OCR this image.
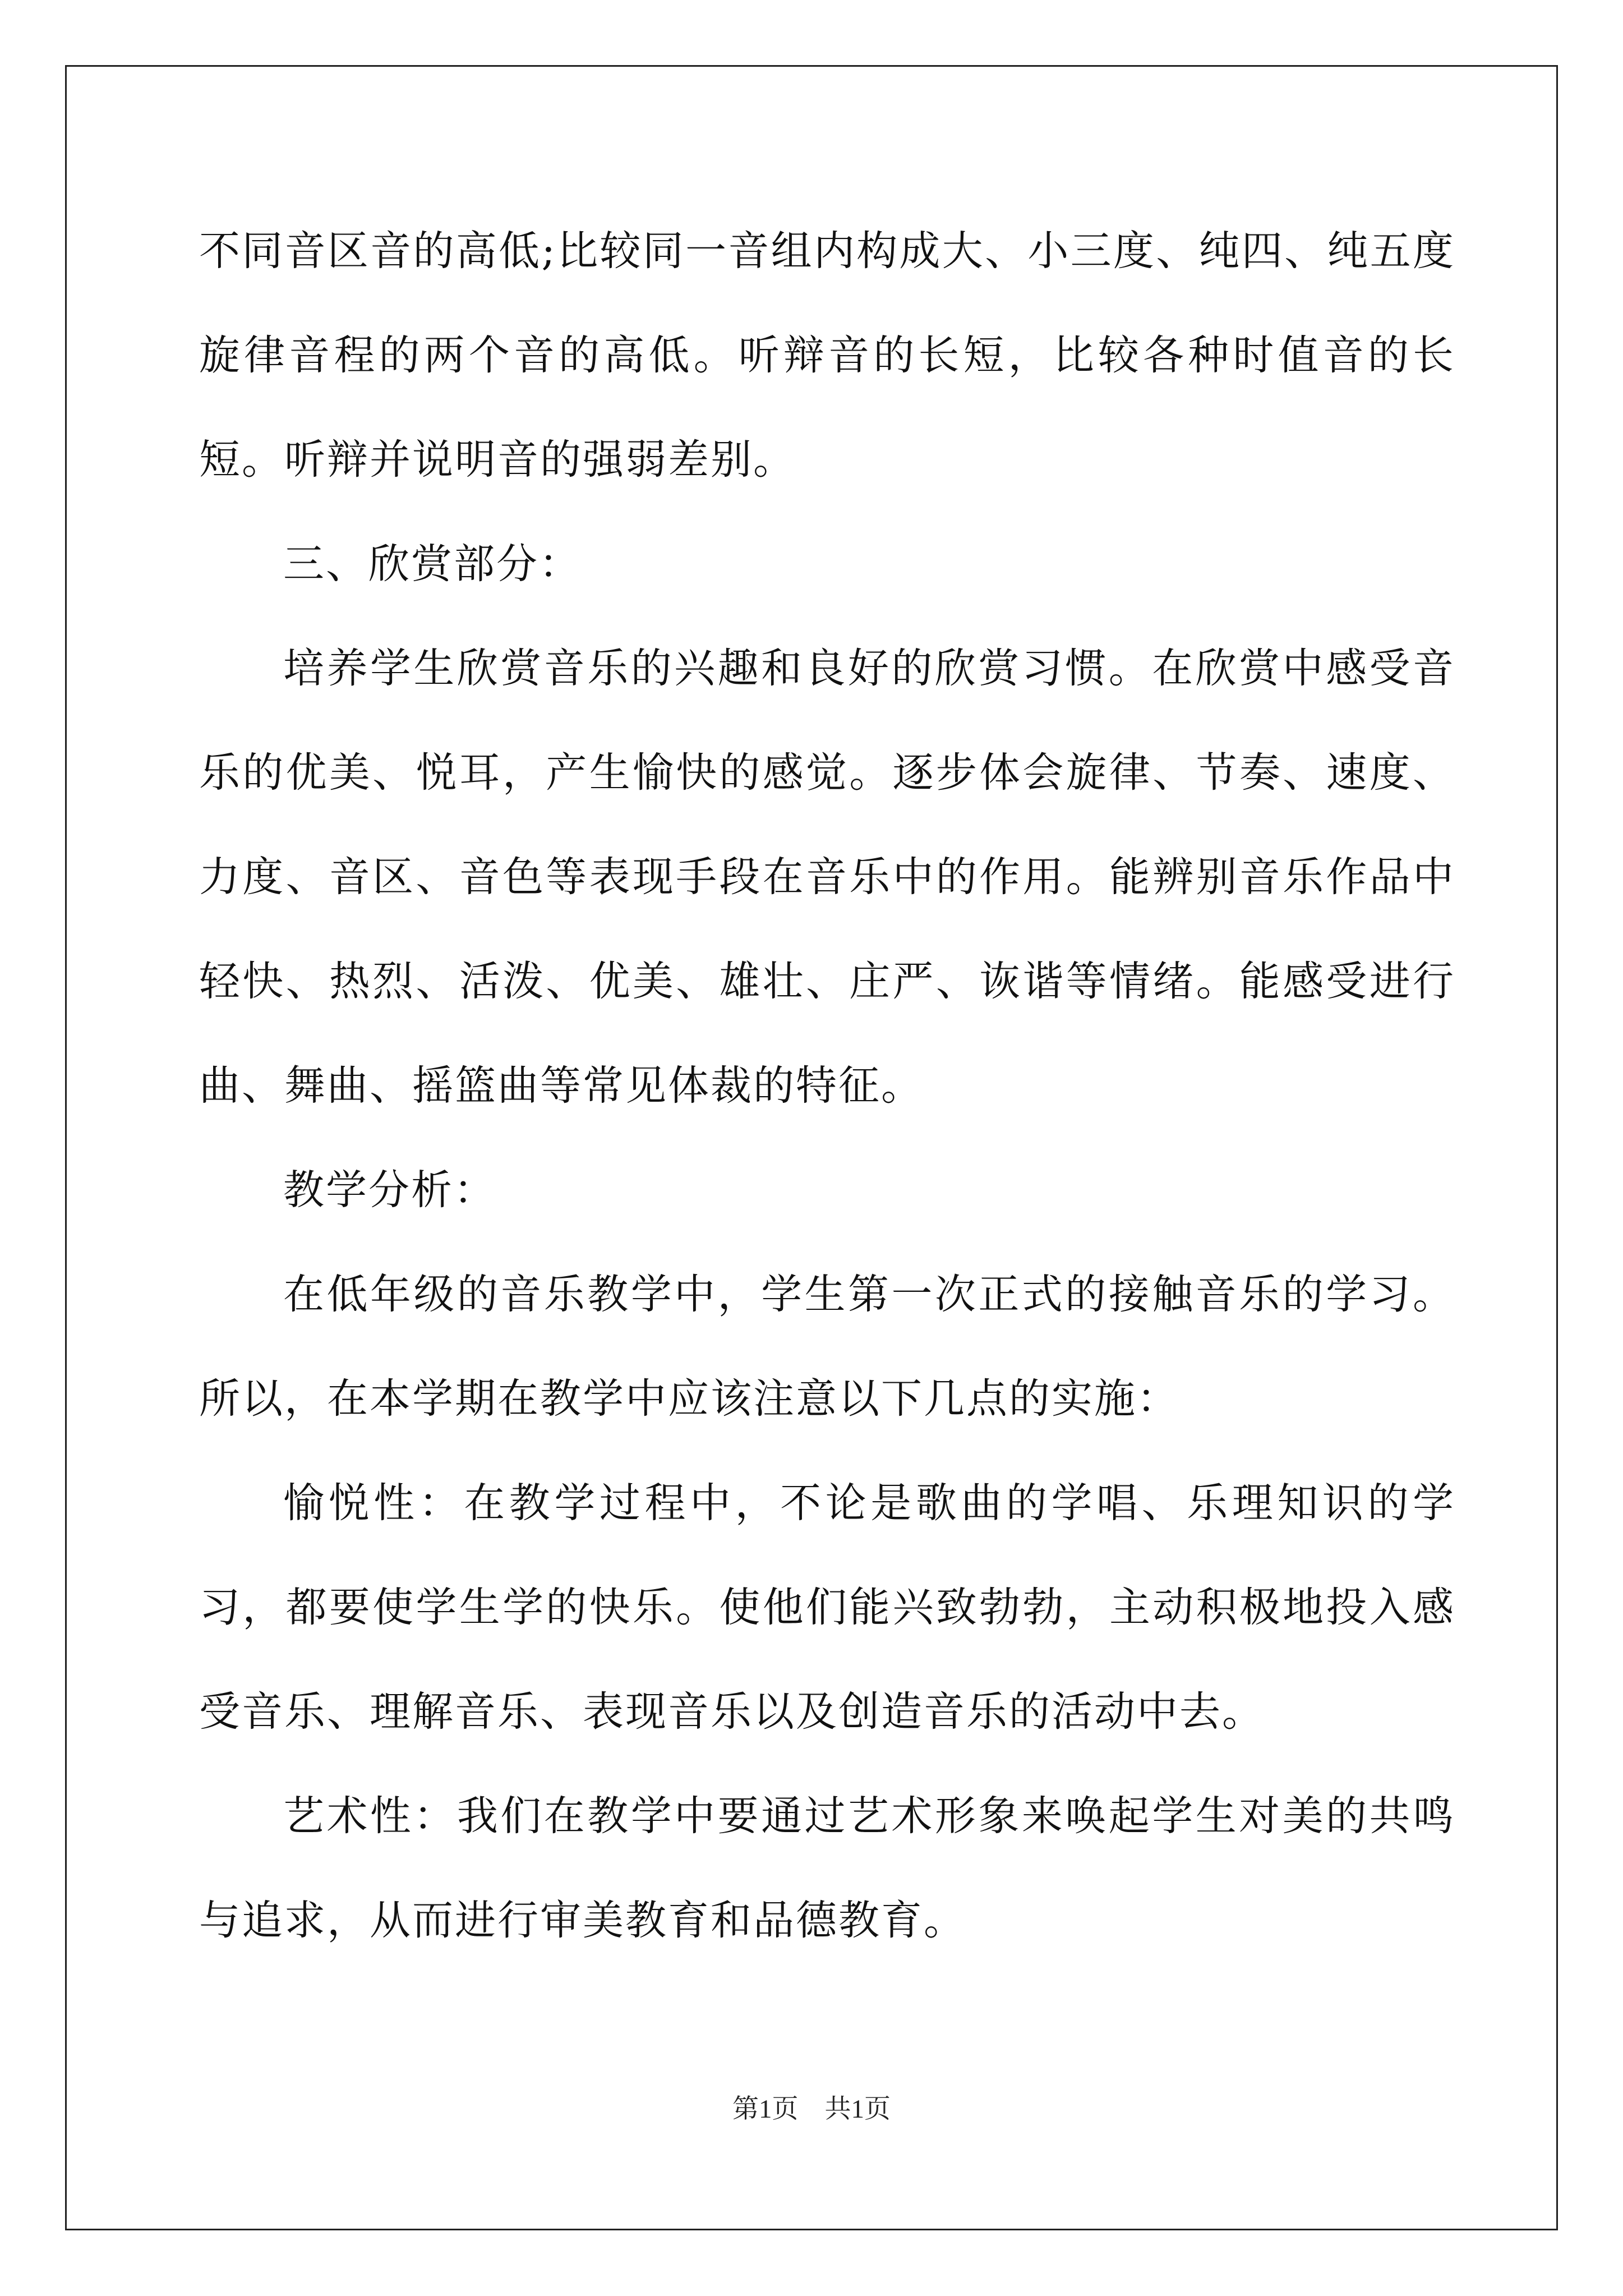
不同音区音的高低;比较同一音组内构成大、小三度、纯四、纯五度旋律音程的两个音的高低。听辩音的长短，比较各种时值音的长短。听辩并说明音的强弱差别。

三、欣赏部分：

培养学生欣赏音乐的兴趣和良好的欣赏习惯。在欣赏中感受音乐的优美、悦耳，产生愉快的感觉。逐步体会旋律、节奏、速度、力度、音区、音色等表现手段在音乐中的作用。能辨别音乐作品中轻快、热烈、活泼、优美、雄壮、庄严、诙谐等情绪。能感受进行曲、舞曲、摇篮曲等常见体裁的特征。

教学分析：

在低年级的音乐教学中，学生第一次正式的接触音乐的学习。所以，在本学期在教学中应该注意以下几点的实施：

愉悦性：在教学过程中，不论是歌曲的学唱、乐理知识的学习，都要使学生学的快乐。使他们能兴致勃勃，主动积极地投入感受音乐、理解音乐、表现音乐以及创造音乐的活动中去。

艺术性：我们在教学中要通过艺术形象来唤起学生对美的共鸣与追求，从而进行审美教育和品德教育。

第1页　共1页
